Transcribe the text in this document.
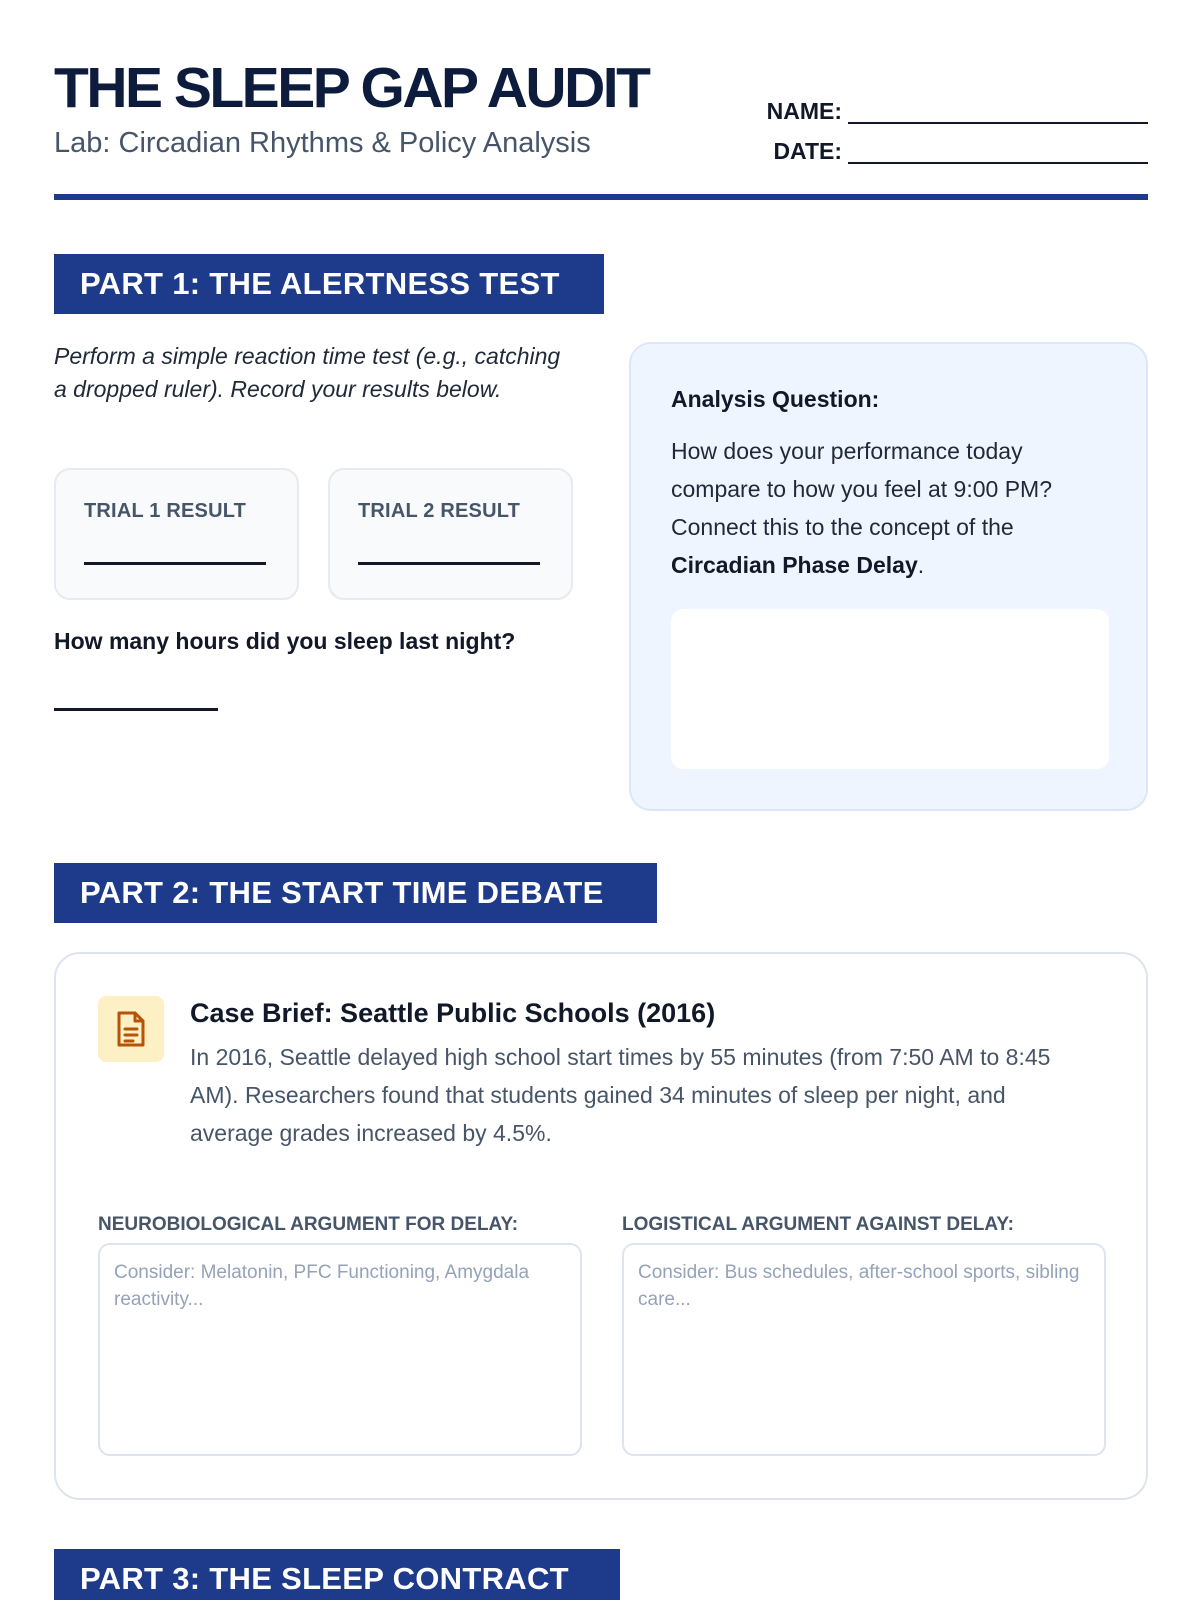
THE SLEEP GAP AUDIT
Lab: Circadian Rhythms & Policy Analysis
NAME:
DATE:
PART 1: THE ALERTNESS TEST
Perform a simple reaction time test (e.g., catching a dropped ruler). Record your results below.
TRIAL 1 RESULT	TRIAL 2 RESULT
How many hours did you sleep last night?
Analysis Question:
How does your performance today compare to how you feel at 9:00 PM? Connect this to the concept of the Circadian Phase Delay.
PART 2: THE START TIME DEBATE
Case Brief: Seattle Public Schools (2016)
In 2016, Seattle delayed high school start times by 55 minutes (from 7:50 AM to 8:45 AM). Researchers found that students gained 34 minutes of sleep per night, and average grades increased by 4.5%.
NEUROBIOLOGICAL ARGUMENT FOR DELAY:
Consider: Melatonin, PFC Functioning, Amygdala reactivity...
LOGISTICAL ARGUMENT AGAINST DELAY:
Consider: Bus schedules, after-school sports, sibling care...
PART 3: THE SLEEP CONTRACT
